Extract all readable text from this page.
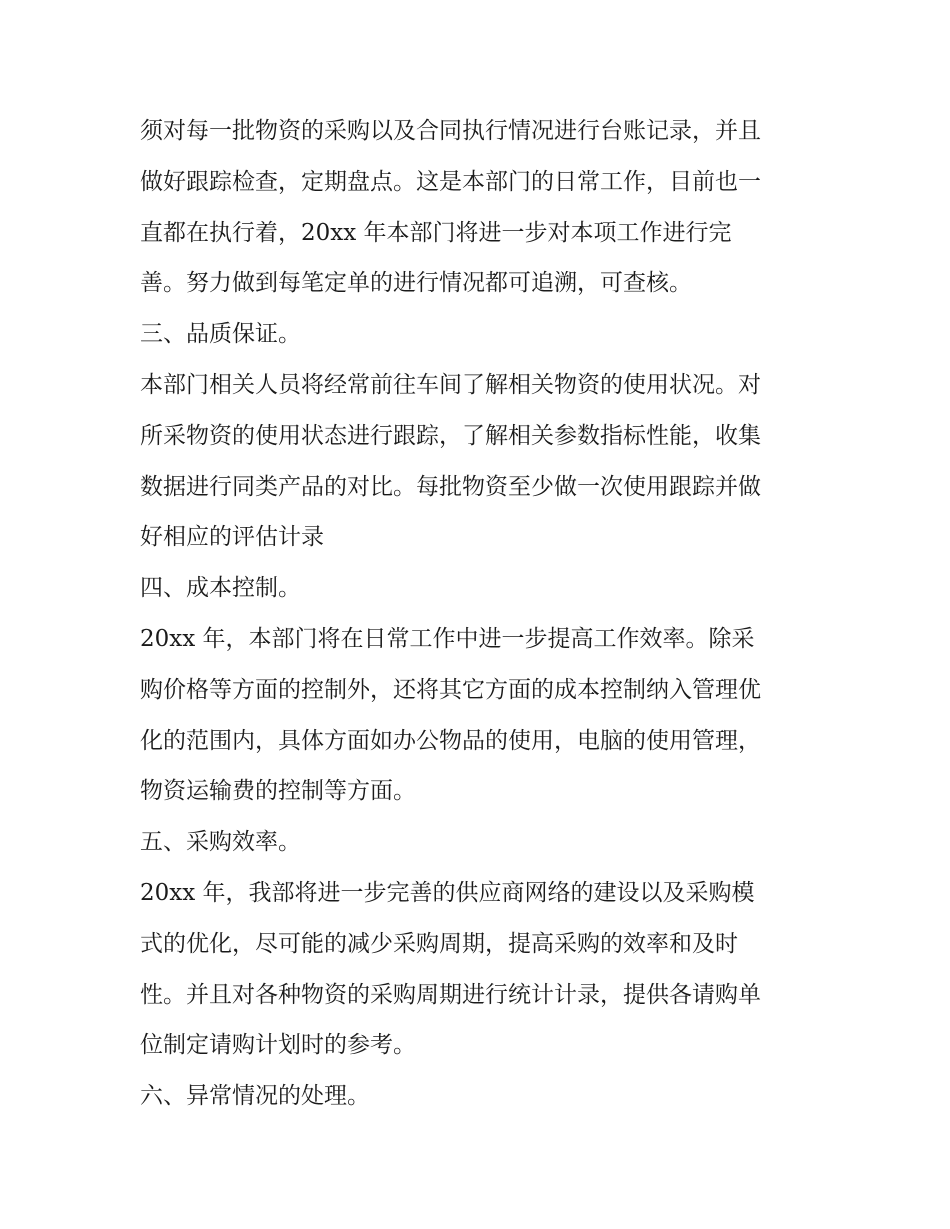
须对每一批物资的采购以及合同执行情况进行台账记录，并且
做好跟踪检查，定期盘点。这是本部门的日常工作，目前也一
直都在执行着，20xx 年本部门将进一步对本项工作进行完
善。努力做到每笔定单的进行情况都可追溯，可查核。
三、品质保证。
本部门相关人员将经常前往车间了解相关物资的使用状况。对
所采物资的使用状态进行跟踪，了解相关参数指标性能，收集
数据进行同类产品的对比。每批物资至少做一次使用跟踪并做
好相应的评估计录
四、成本控制。
20xx 年，本部门将在日常工作中进一步提高工作效率。除采
购价格等方面的控制外，还将其它方面的成本控制纳入管理优
化的范围内，具体方面如办公物品的使用，电脑的使用管理，
物资运输费的控制等方面。
五、采购效率。
20xx 年，我部将进一步完善的供应商网络的建设以及采购模
式的优化，尽可能的减少采购周期，提高采购的效率和及时
性。并且对各种物资的采购周期进行统计计录，提供各请购单
位制定请购计划时的参考。
六、异常情况的处理。
